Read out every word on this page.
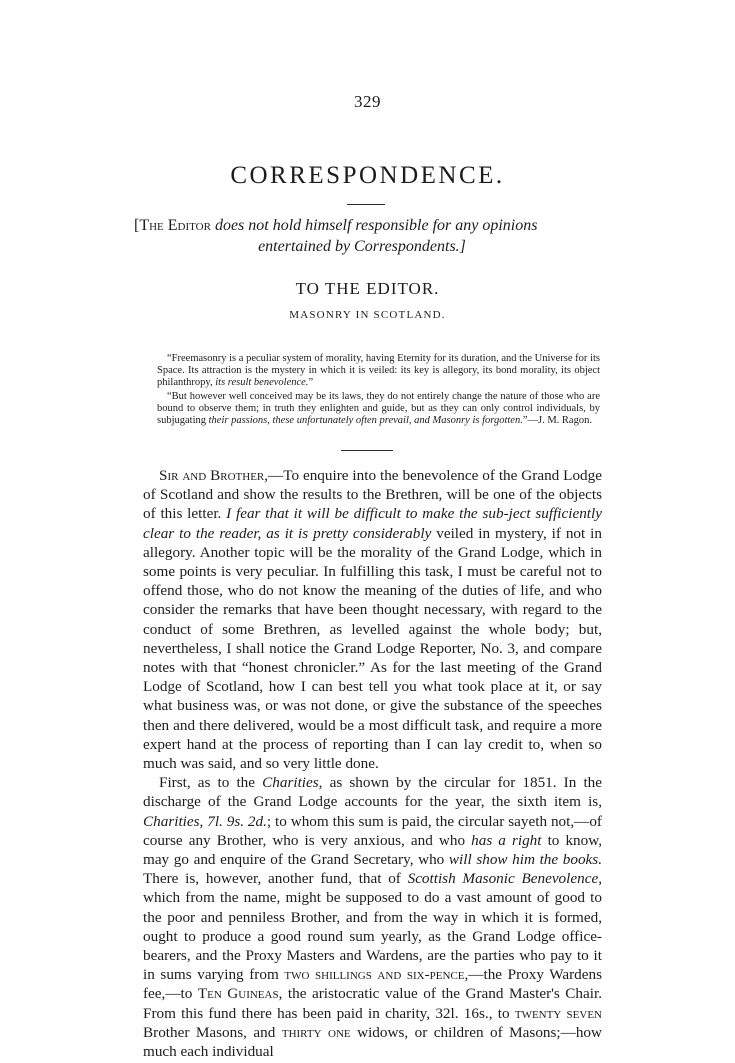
329
CORRESPONDENCE.
[The Editor does not hold himself responsible for any opinions
entertained by Correspondents.]
TO THE EDITOR.
MASONRY IN SCOTLAND.
“Freemasonry is a peculiar system of morality, having Eternity for its duration, and the Universe for its Space. Its attraction is the mystery in which it is veiled: its key is allegory, its bond morality, its object philanthropy, its result benevolence.”
“But however well conceived may be its laws, they do not entirely change the nature of those who are bound to observe them; in truth they enlighten and guide, but as they can only control individuals, by subjugating their passions, these unfortunately often prevail, and Masonry is forgotten.”—J. M. Ragon.

Sir and Brother,—To enquire into the benevolence of the Grand Lodge of Scotland and show the results to the Brethren, will be one of the objects of this letter. I fear that it will be difficult to make the sub-ject sufficiently clear to the reader, as it is pretty considerably veiled in mystery, if not in allegory. Another topic will be the morality of the Grand Lodge, which in some points is very peculiar. In fulfilling this task, I must be careful not to offend those, who do not know the meaning of the duties of life, and who consider the remarks that have been thought necessary, with regard to the conduct of some Brethren, as levelled against the whole body; but, nevertheless, I shall notice the Grand Lodge Reporter, No. 3, and compare notes with that “honest chronicler.” As for the last meeting of the Grand Lodge of Scotland, how I can best tell you what took place at it, or say what business was, or was not done, or give the substance of the speeches then and there delivered, would be a most difficult task, and require a more expert hand at the process of reporting than I can lay credit to, when so much was said, and so very little done.

First, as to the Charities, as shown by the circular for 1851. In the discharge of the Grand Lodge accounts for the year, the sixth item is, Charities, 7l. 9s. 2d.; to whom this sum is paid, the circular sayeth not,—of course any Brother, who is very anxious, and who has a right to know, may go and enquire of the Grand Secretary, who will show him the books. There is, however, another fund, that of Scottish Masonic Benevolence, which from the name, might be supposed to do a vast amount of good to the poor and penniless Brother, and from the way in which it is formed, ought to produce a good round sum yearly, as the Grand Lodge office-bearers, and the Proxy Masters and Wardens, are the parties who pay to it in sums varying from two shillings and six-pence,—the Proxy Wardens fee,—to Ten Guineas, the aristocratic value of the Grand Master's Chair. From this fund there has been paid in charity, 32l. 16s., to twenty seven Brother Masons, and thirty one widows, or children of Masons;—how much each individual
